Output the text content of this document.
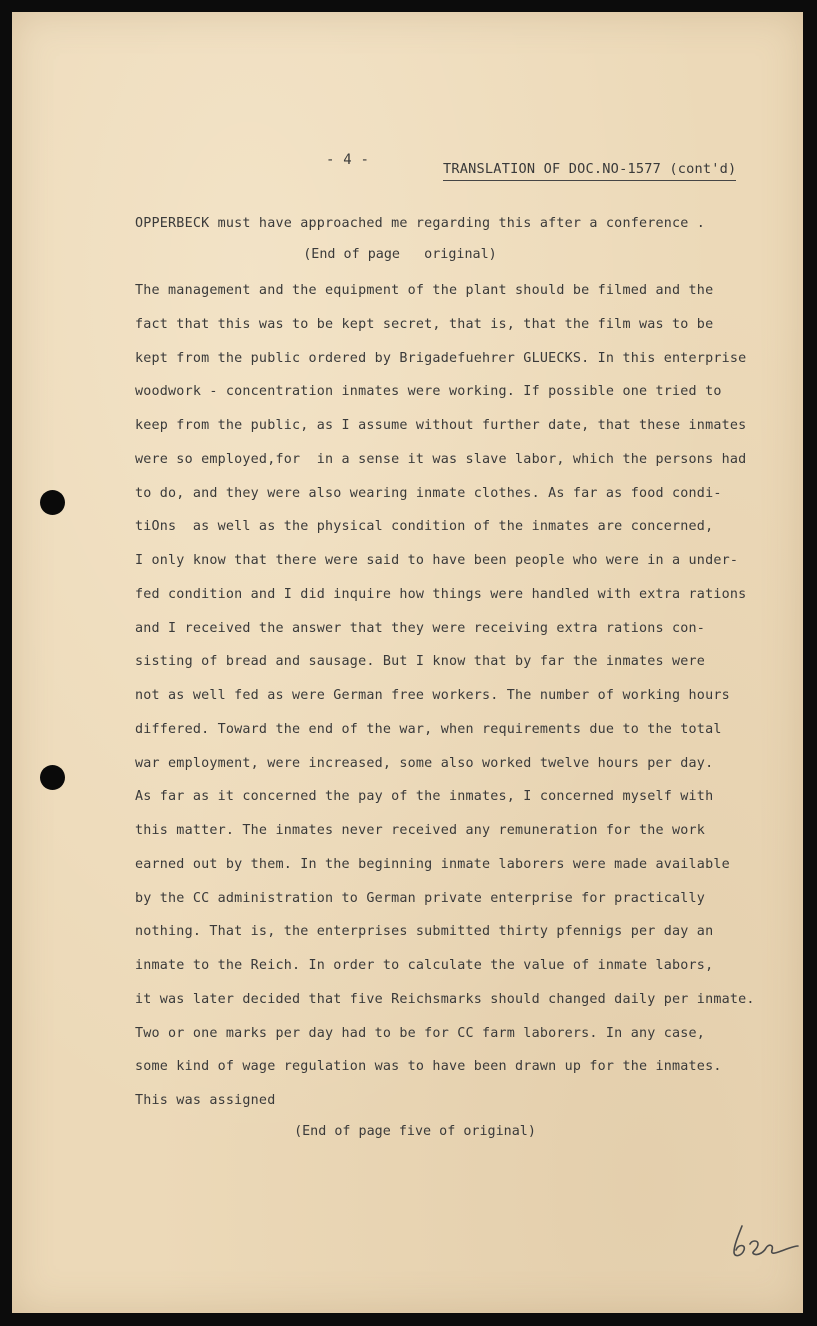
- 4 -
TRANSLATION OF DOC.NO-1577 (cont'd)
OPPERBECK must have approached me regarding this after a conference .
(End of page   original)
The management and the equipment of the plant should be filmed and the
fact that this was to be kept secret, that is, that the film was to be
kept from the public ordered by Brigadefuehrer GLUECKS. In this enterprise
woodwork - concentration inmates were working. If possible one tried to
keep from the public, as I assume without further date, that these inmates
were so employed,for  in a sense it was slave labor, which the persons had
to do, and they were also wearing inmate clothes. As far as food condi-
tiOns  as well as the physical condition of the inmates are concerned,
I only know that there were said to have been people who were in a under-
fed condition and I did inquire how things were handled with extra rations
and I received the answer that they were receiving extra rations con-
sisting of bread and sausage. But I know that by far the inmates were
not as well fed as were German free workers. The number of working hours
differed. Toward the end of the war, when requirements due to the total
war employment, were increased, some also worked twelve hours per day.
As far as it concerned the pay of the inmates, I concerned myself with
this matter. The inmates never received any remuneration for the work
earned out by them. In the beginning inmate laborers were made available
by the CC administration to German private enterprise for practically
nothing. That is, the enterprises submitted thirty pfennigs per day an
inmate to the Reich. In order to calculate the value of inmate labors,
it was later decided that five Reichsmarks should changed daily per inmate.
Two or one marks per day had to be for CC farm laborers. In any case,
some kind of wage regulation was to have been drawn up for the inmates.
This was assigned
(End of page five of original)
